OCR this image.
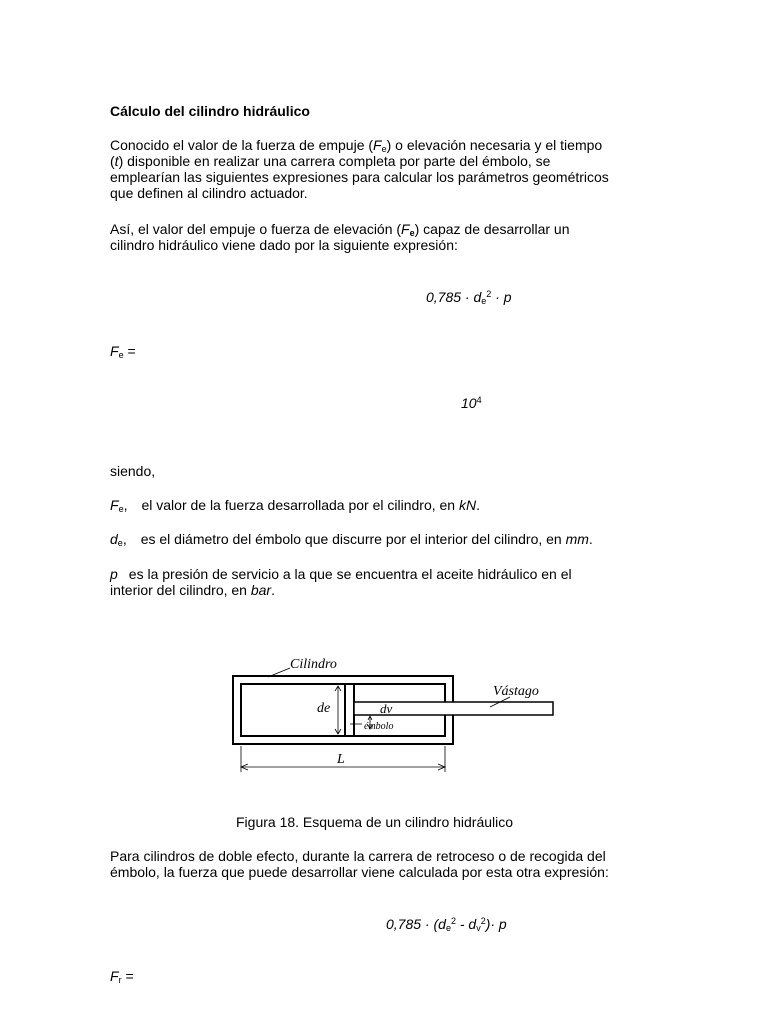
Cálculo del cilindro hidráulico
Conocido el valor de la fuerza de empuje $(F_e)$ o elevación necesaria y el tiempo
(t) disponible en realizar una carrera completa por parte del émbolo, se
emplearían las siguientes expresiones para calcular los parámetros geométricos
que definen al cilindro actuador.
Así, el valor del empuje o fuerza de elevación $(F_e)$ capaz de desarrollar un
cilindro hidráulico viene dado por la siguiente expresión:
$0,785 \cdot d_e^2 \cdot p$
$F_e$ =
$10^4$
siendo,
$F_e$, el valor de la fuerza desarrollada por el cilindro, en kN.
$d_e$, es el diámetro del émbolo que discurre por el interior del cilindro, en mm.
p es la presión de servicio a la que se encuentra el aceite hidráulico en el
interior del cilindro, en bar.
Cilindro
Vástago
de	dv
émbolo
L
Figura 18. Esquema de un cilindro hidráulico
Para cilindros de doble efecto, durante la carrera de retroceso o de recogida del
émbolo, la fuerza que puede desarrollar viene calculada por esta otra expresión:
$0,785 \cdot (d_e^2 - d_v^2)\cdot p$
$F_r$ =
